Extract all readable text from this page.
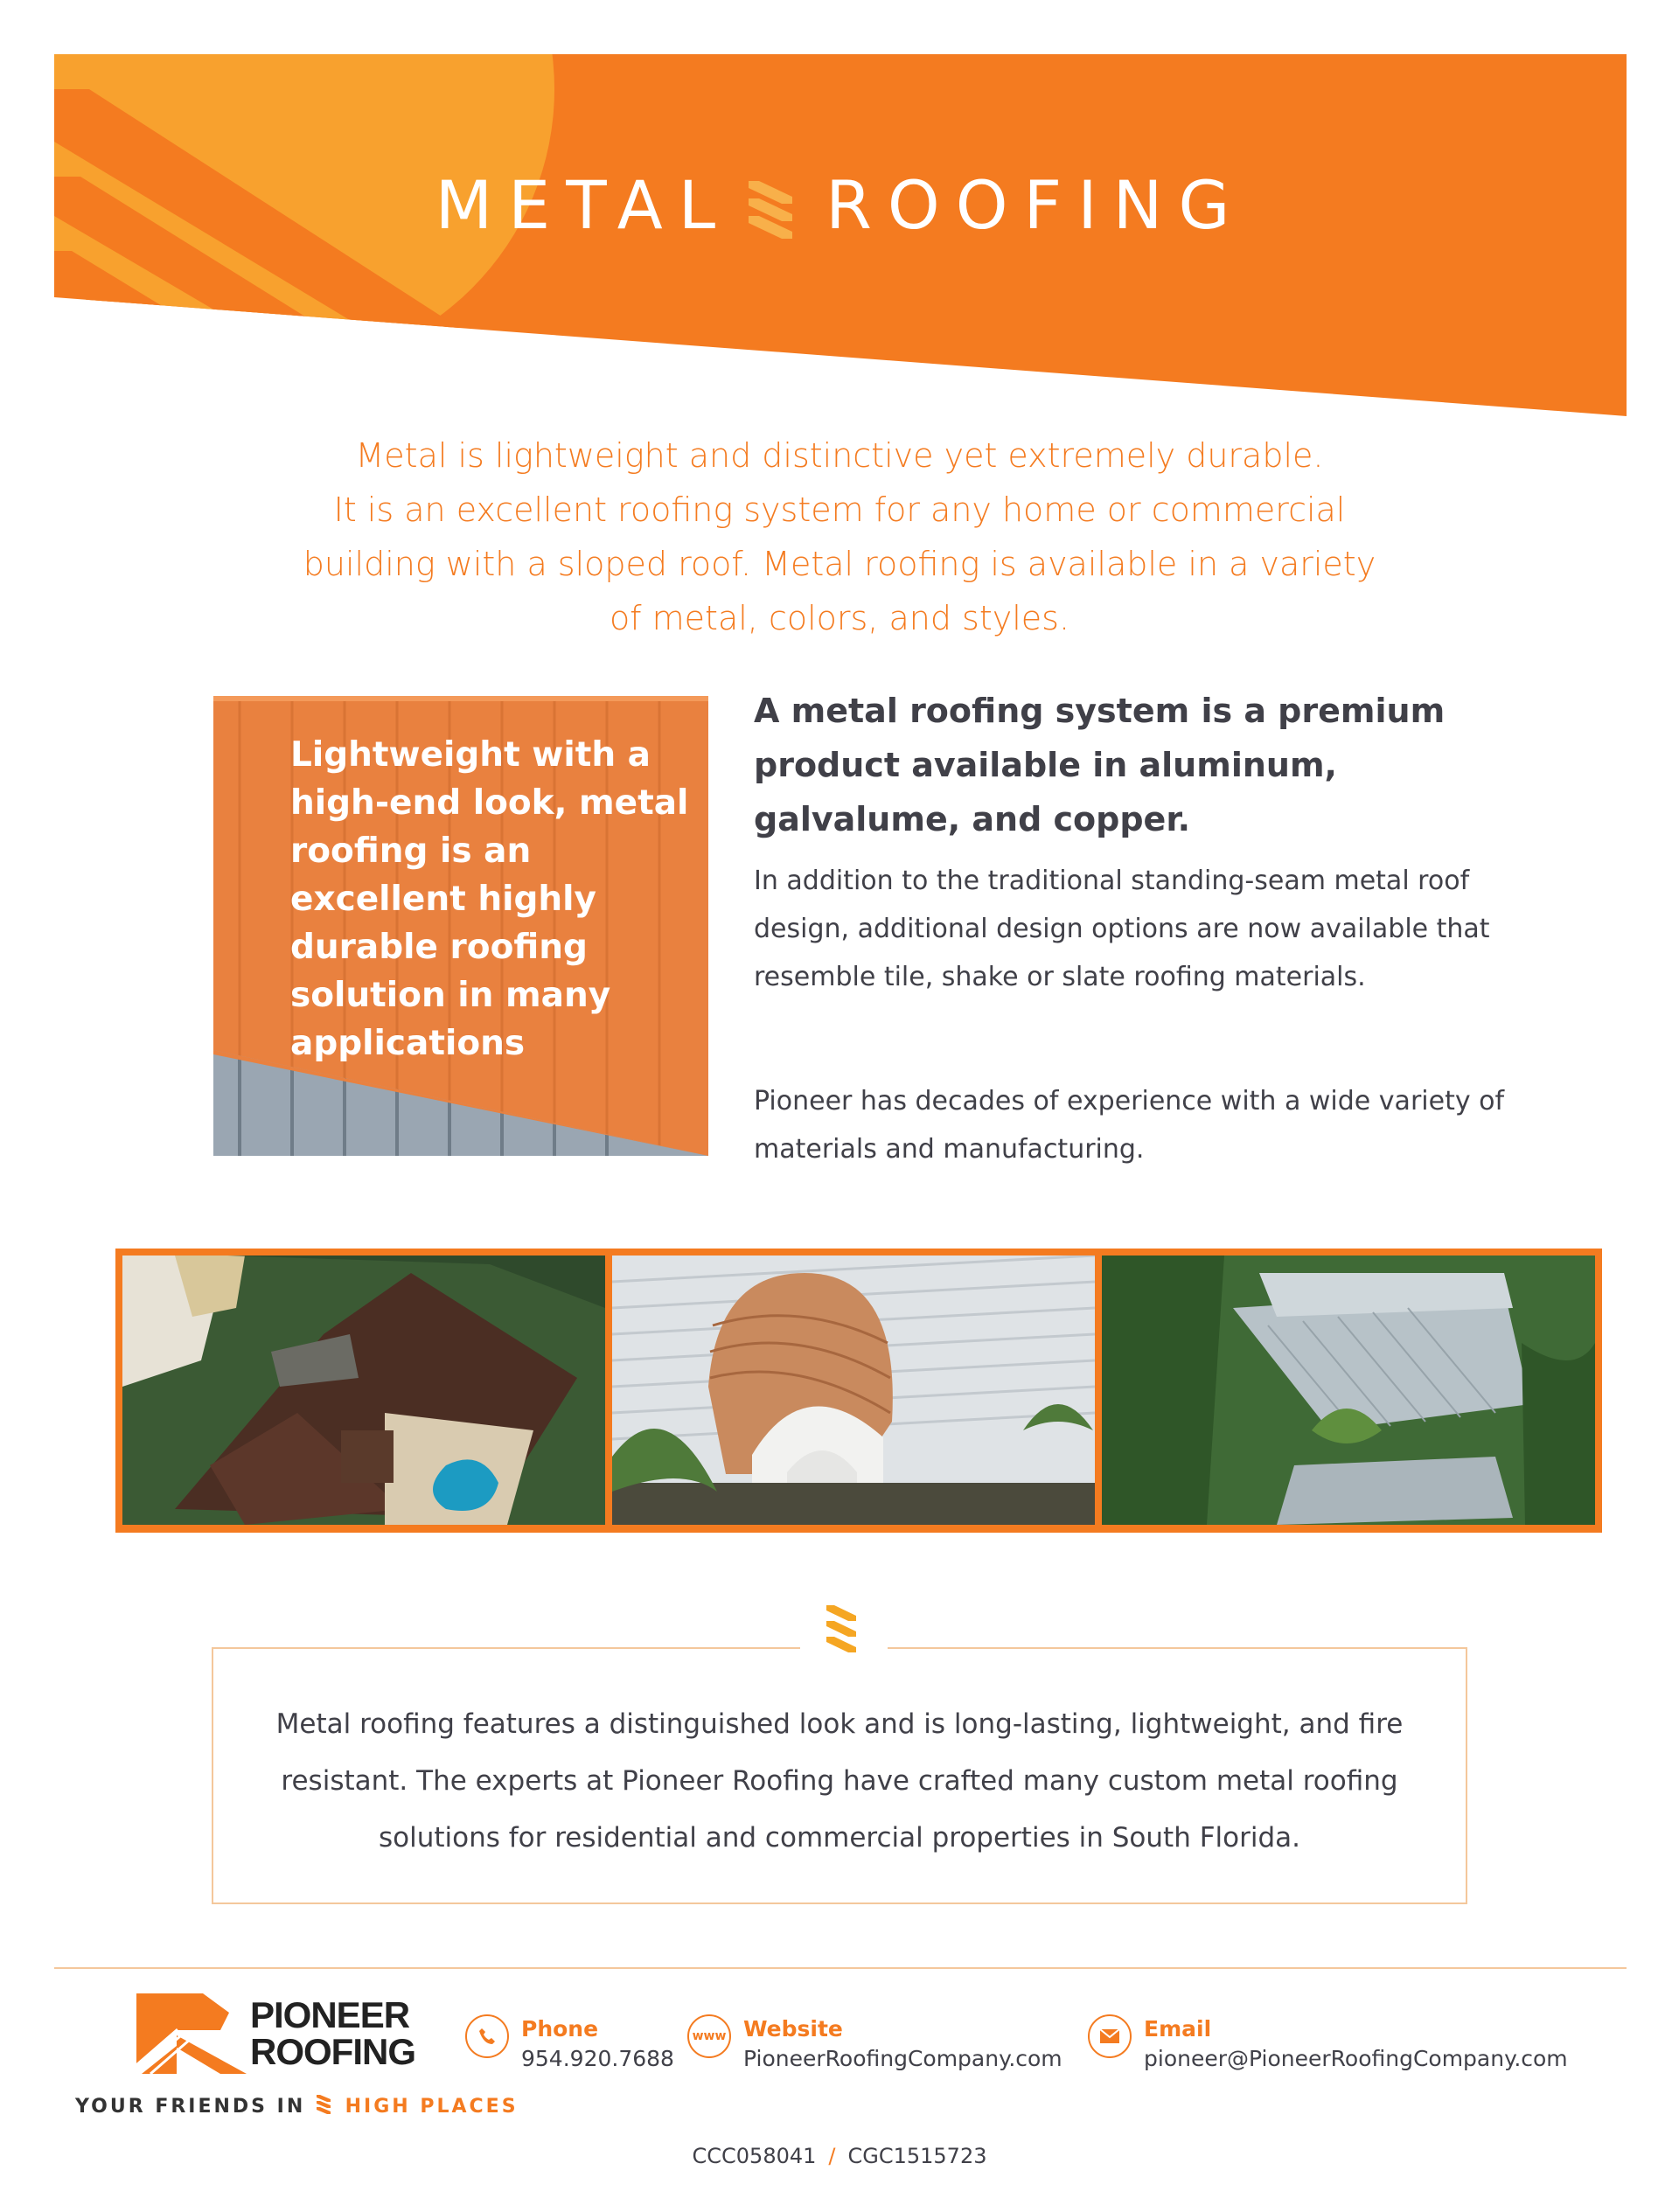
METAL ROOFING
Metal is lightweight and distinctive yet extremely durable.
It is an excellent roofing system for any home or commercial
building with a sloped roof. Metal roofing is available in a variety
of metal, colors, and styles.
Lightweight with a high-end look, metal roofing is an excellent highly durable roofing solution in many applications
A metal roofing system is a premium product available in aluminum, galvalume, and copper.
In addition to the traditional standing-seam metal roof design, additional design options are now available that resemble tile, shake or slate roofing materials.
Pioneer has decades of experience with a wide variety of materials and manufacturing.
Metal roofing features a distinguished look and is long-lasting, lightweight, and fire resistant. The experts at Pioneer Roofing have crafted many custom metal roofing solutions for residential and commercial properties in South Florida.
PIONEER
ROOFING
YOUR FRIENDS IN HIGH PLACES
Phone
954.920.7688
www Website
PioneerRoofingCompany.com
Email
pioneer@PioneerRoofingCompany.com
CCC058041 / CGC1515723
